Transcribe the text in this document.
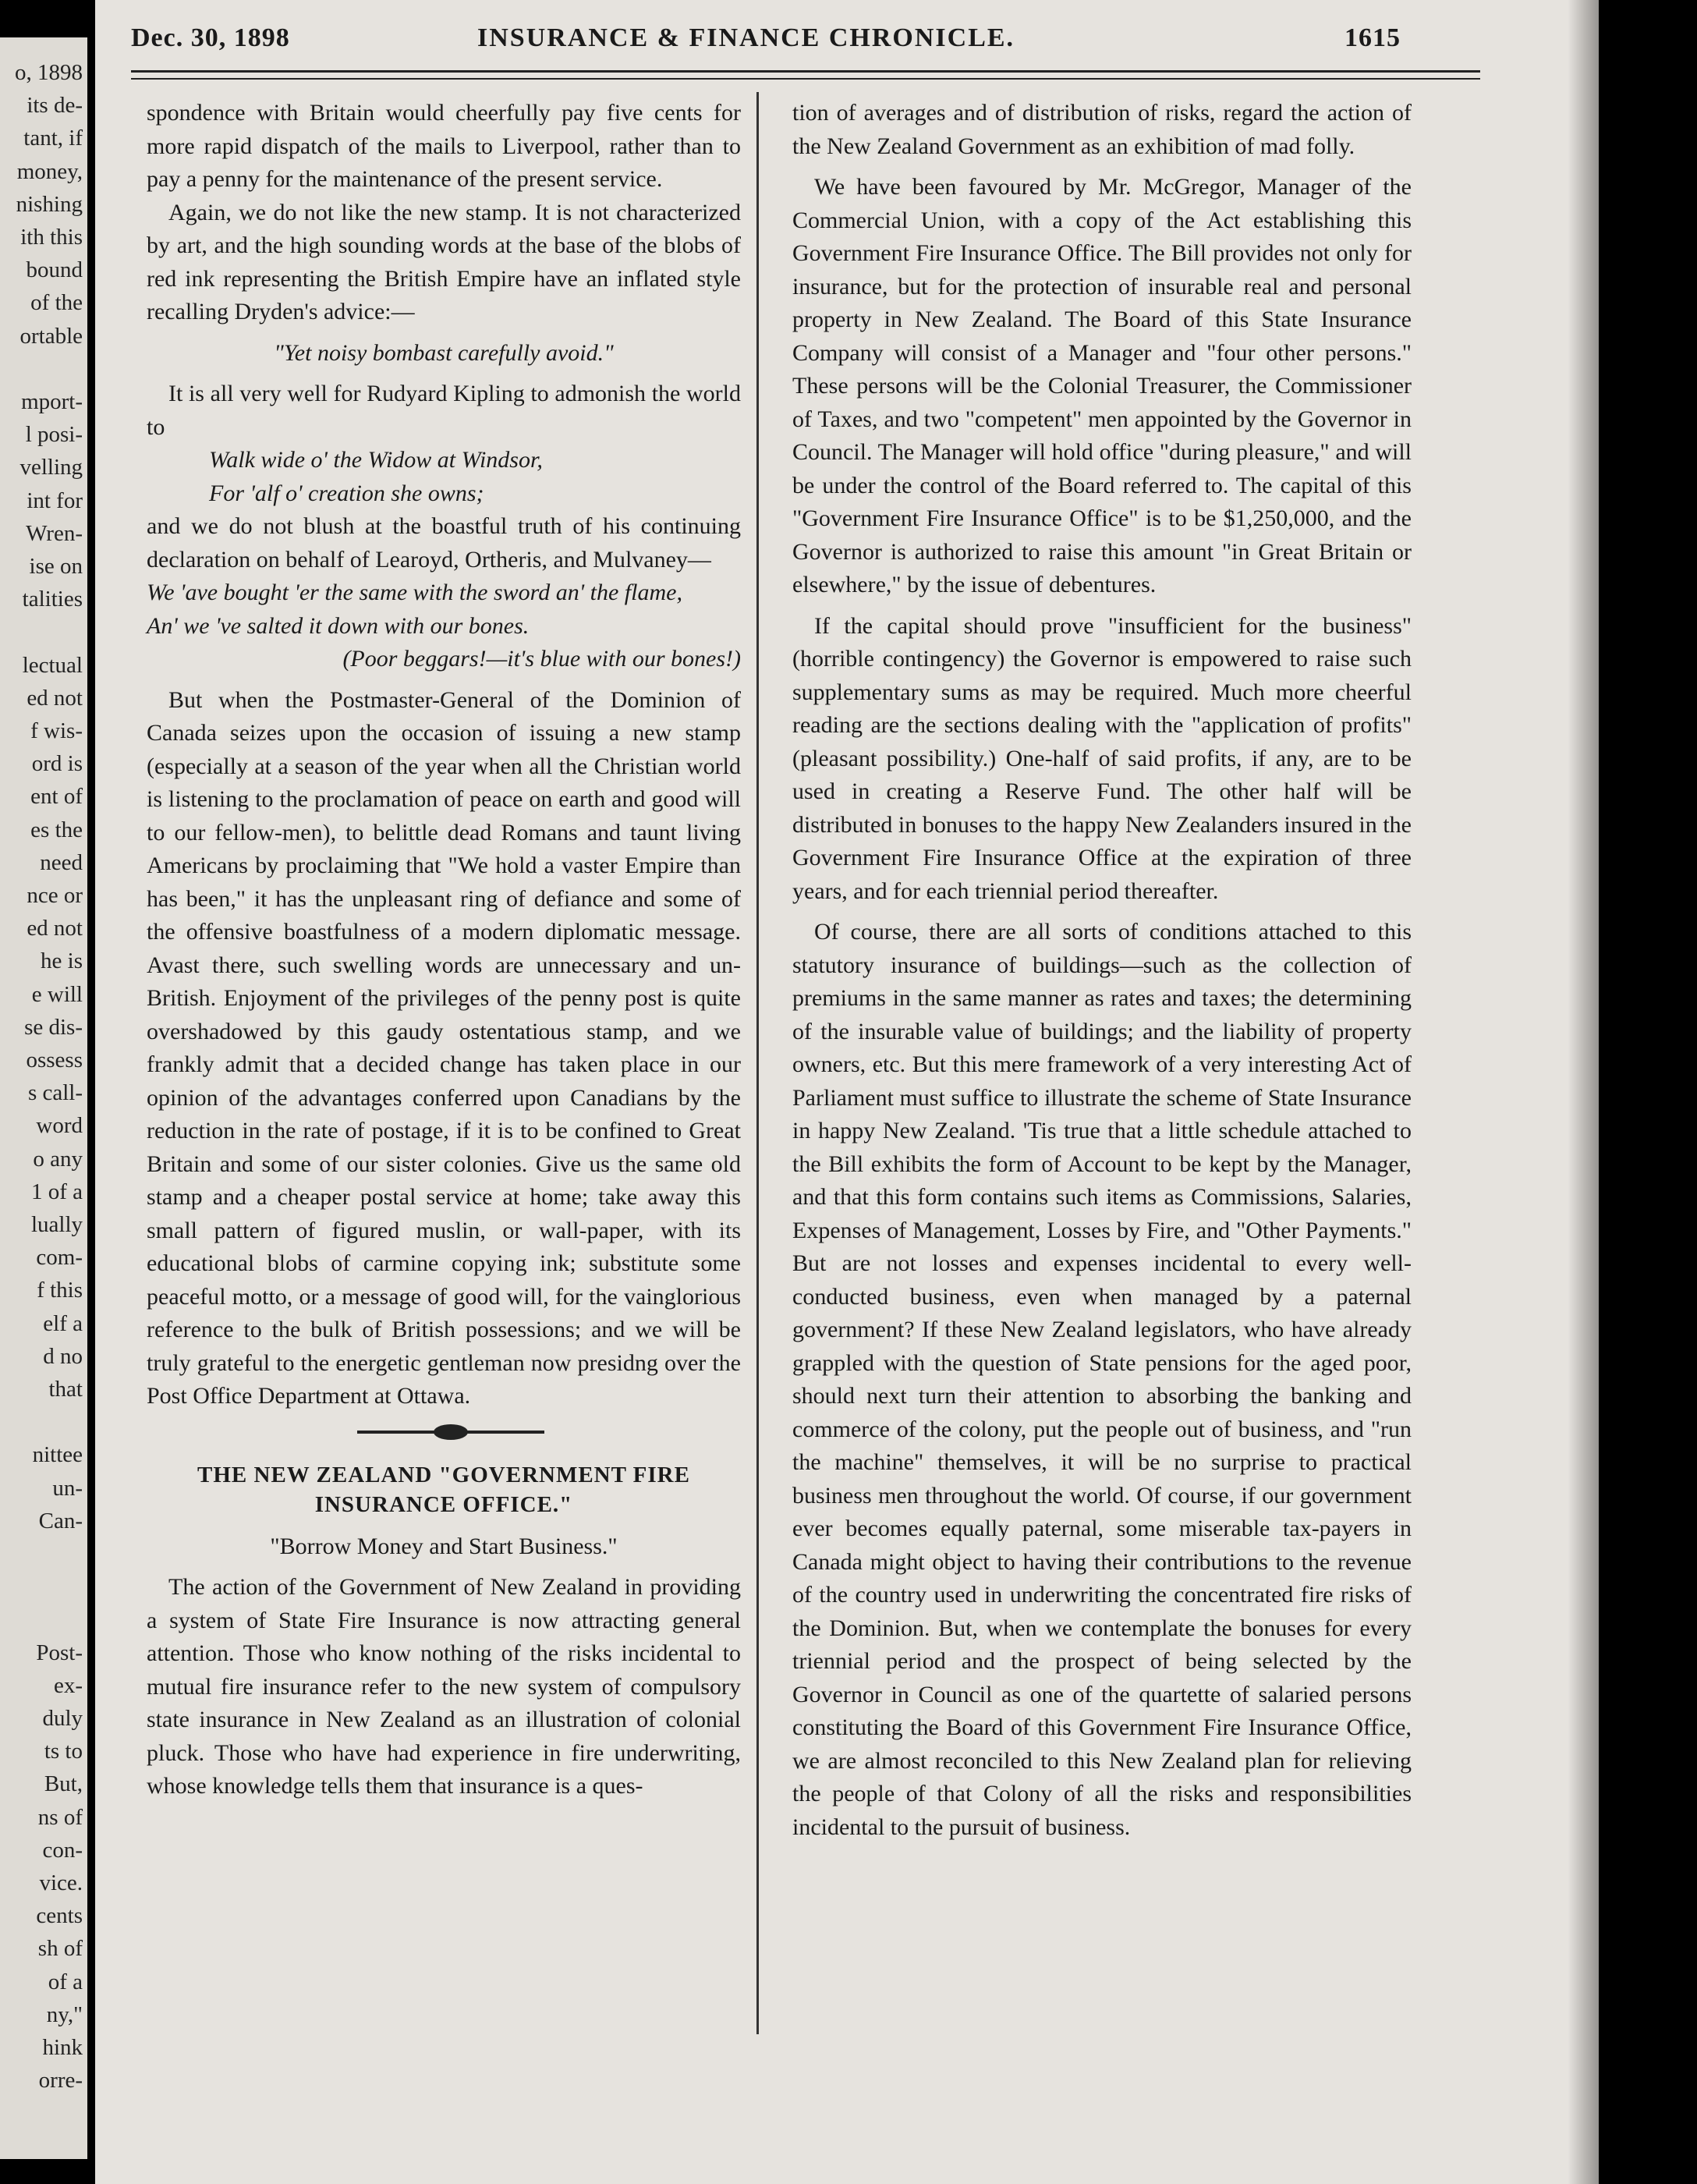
o, 1898
its de-
tant, if
money,
nishing
ith this
bound
of the
ortable
mport-
l posi-
velling
int for
Wren-
ise on
talities
lectual
ed not
f wis-
ord is
ent of
es the
need
nce or
ed not
he is
e will
se dis-
ossess
s call-
word
o any
1 of a
lually
com-
f this
elf a
d no
that
nittee
un-
Can-
Post-
ex-
duly
ts to
But,
ns of
con-
vice.
cents
sh of
of a
ny,"
hink
orre-
Dec. 30, 1898	INSURANCE & FINANCE CHRONICLE.	1615

spondence with Britain would cheerfully pay five cents for more rapid dispatch of the mails to Liverpool, rather than to pay a penny for the maintenance of the present service.

Again, we do not like the new stamp. It is not characterized by art, and the high sounding words at the base of the blobs of red ink representing the British Empire have an inflated style recalling Dryden's advice:—

"Yet noisy bombast carefully avoid."

It is all very well for Rudyard Kipling to admonish the world to

Walk wide o' the Widow at Windsor,

For 'alf o' creation she owns;

and we do not blush at the boastful truth of his continuing declaration on behalf of Learoyd, Ortheris, and Mulvaney—

We 'ave bought 'er the same with the sword an' the flame,

An' we 've salted it down with our bones.

(Poor beggars!—it's blue with our bones!)

But when the Postmaster-General of the Dominion of Canada seizes upon the occasion of issuing a new stamp (especially at a season of the year when all the Christian world is listening to the proclamation of peace on earth and good will to our fellow-men), to belittle dead Romans and taunt living Americans by proclaiming that "We hold a vaster Empire than has been," it has the unpleasant ring of defiance and some of the offensive boastfulness of a modern diplomatic message. Avast there, such swelling words are unnecessary and un-British. Enjoyment of the privileges of the penny post is quite overshadowed by this gaudy ostentatious stamp, and we frankly admit that a decided change has taken place in our opinion of the advantages conferred upon Canadians by the reduction in the rate of postage, if it is to be confined to Great Britain and some of our sister colonies. Give us the same old stamp and a cheaper postal service at home; take away this small pattern of figured muslin, or wall-paper, with its educational blobs of carmine copying ink; substitute some peaceful motto, or a message of good will, for the vainglorious reference to the bulk of British possessions; and we will be truly grateful to the energetic gentleman now presidng over the Post Office Department at Ottawa.

THE NEW ZEALAND "GOVERNMENT FIRE INSURANCE OFFICE."

"Borrow Money and Start Business."

The action of the Government of New Zealand in providing a system of State Fire Insurance is now attracting general attention. Those who know nothing of the risks incidental to mutual fire insurance refer to the new system of compulsory state insurance in New Zealand as an illustration of colonial pluck. Those who have had experience in fire underwriting, whose knowledge tells them that insurance is a ques-

tion of averages and of distribution of risks, regard the action of the New Zealand Government as an exhibition of mad folly.

We have been favoured by Mr. McGregor, Manager of the Commercial Union, with a copy of the Act establishing this Government Fire Insurance Office. The Bill provides not only for insurance, but for the protection of insurable real and personal property in New Zealand. The Board of this State Insurance Company will consist of a Manager and "four other persons." These persons will be the Colonial Treasurer, the Commissioner of Taxes, and two "competent" men appointed by the Governor in Council. The Manager will hold office "during pleasure," and will be under the control of the Board referred to. The capital of this "Government Fire Insurance Office" is to be $1,250,000, and the Governor is authorized to raise this amount "in Great Britain or elsewhere," by the issue of debentures.

If the capital should prove "insufficient for the business" (horrible contingency) the Governor is empowered to raise such supplementary sums as may be required. Much more cheerful reading are the sections dealing with the "application of profits" (pleasant possibility.) One-half of said profits, if any, are to be used in creating a Reserve Fund. The other half will be distributed in bonuses to the happy New Zealanders insured in the Government Fire Insurance Office at the expiration of three years, and for each triennial period thereafter.

Of course, there are all sorts of conditions attached to this statutory insurance of buildings—such as the collection of premiums in the same manner as rates and taxes; the determining of the insurable value of buildings; and the liability of property owners, etc. But this mere framework of a very interesting Act of Parliament must suffice to illustrate the scheme of State Insurance in happy New Zealand. 'Tis true that a little schedule attached to the Bill exhibits the form of Account to be kept by the Manager, and that this form contains such items as Commissions, Salaries, Expenses of Management, Losses by Fire, and "Other Payments." But are not losses and expenses incidental to every well-conducted business, even when managed by a paternal government? If these New Zealand legislators, who have already grappled with the question of State pensions for the aged poor, should next turn their attention to absorbing the banking and commerce of the colony, put the people out of business, and "run the machine" themselves, it will be no surprise to practical business men throughout the world. Of course, if our government ever becomes equally paternal, some miserable tax-payers in Canada might object to having their contributions to the revenue of the country used in underwriting the concentrated fire risks of the Dominion. But, when we contemplate the bonuses for every triennial period and the prospect of being selected by the Governor in Council as one of the quartette of salaried persons constituting the Board of this Government Fire Insurance Office, we are almost reconciled to this New Zealand plan for relieving the people of that Colony of all the risks and responsibilities incidental to the pursuit of business.
